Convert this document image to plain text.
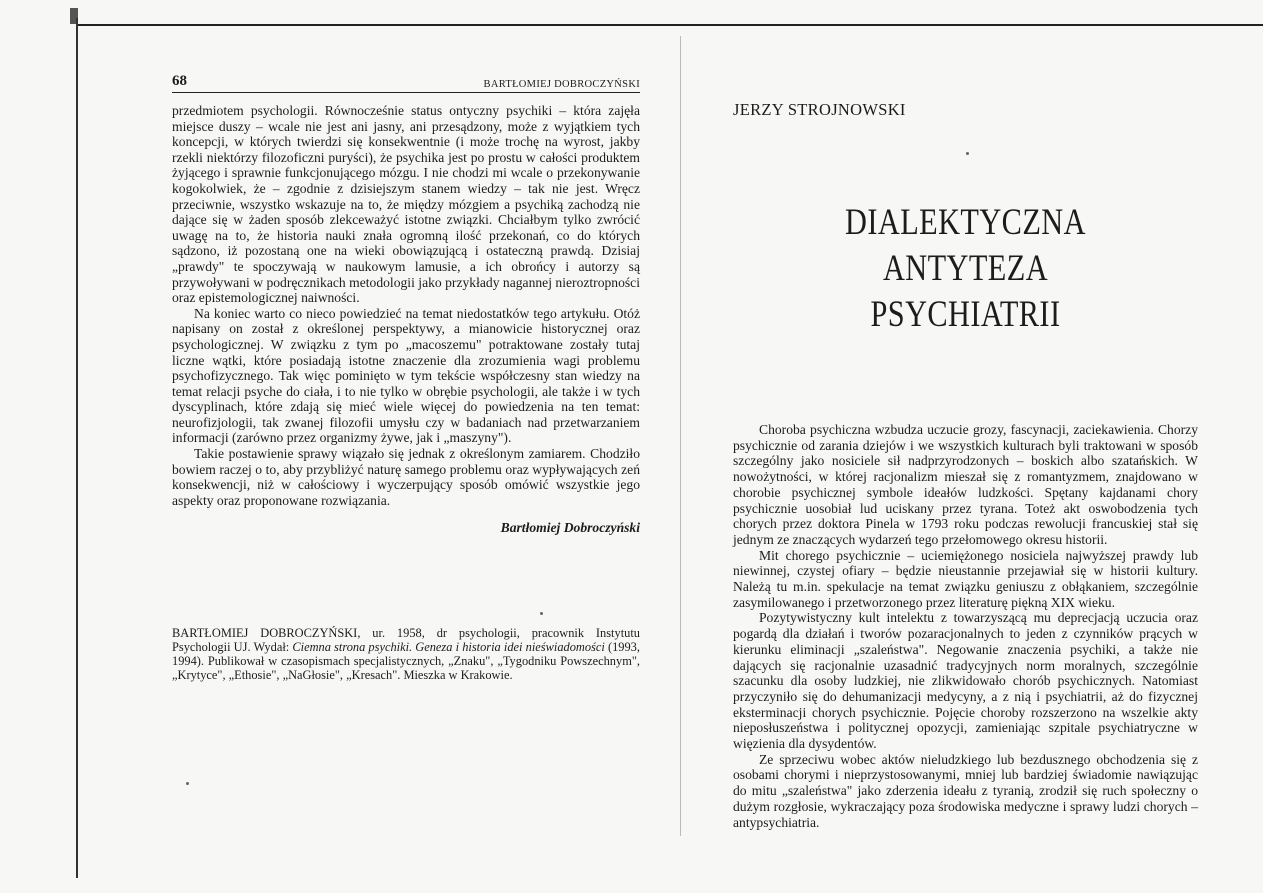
68	BARTŁOMIEJ DOBROCZYŃSKI

przedmiotem psychologii. Równocześnie status ontyczny psychiki – która zajęła miejsce duszy – wcale nie jest ani jasny, ani przesądzony, może z wyjątkiem tych koncepcji, w których twierdzi się konsekwentnie (i może trochę na wyrost, jakby rzekli niektórzy filozoficzni puryści), że psychika jest po prostu w całości produktem żyjącego i sprawnie funkcjonującego mózgu. I nie chodzi mi wcale o przekonywanie kogokolwiek, że – zgodnie z dzisiejszym stanem wiedzy – tak nie jest. Wręcz przeciwnie, wszystko wskazuje na to, że między mózgiem a psychiką zachodzą nie dające się w żaden sposób zlekceważyć istotne związki. Chciałbym tylko zwrócić uwagę na to, że historia nauki znała ogromną ilość przekonań, co do których sądzono, iż pozostaną one na wieki obowiązującą i ostateczną prawdą. Dzisiaj „prawdy" te spoczywają w naukowym lamusie, a ich obrońcy i autorzy są przywoływani w podręcznikach metodologii jako przykłady nagannej nieroztropności oraz epistemologicznej naiwności.

Na koniec warto co nieco powiedzieć na temat niedostatków tego artykułu. Otóż napisany on został z określonej perspektywy, a mianowicie historycznej oraz psychologicznej. W związku z tym po „macoszemu" potraktowane zostały tutaj liczne wątki, które posiadają istotne znaczenie dla zrozumienia wagi problemu psychofizycznego. Tak więc pominięto w tym tekście współczesny stan wiedzy na temat relacji psyche do ciała, i to nie tylko w obrębie psychologii, ale także i w tych dyscyplinach, które zdają się mieć wiele więcej do powiedzenia na ten temat: neurofizjologii, tak zwanej filozofii umysłu czy w badaniach nad przetwarzaniem informacji (zarówno przez organizmy żywe, jak i „maszyny").

Takie postawienie sprawy wiązało się jednak z określonym zamiarem. Chodziło bowiem raczej o to, aby przybliżyć naturę samego problemu oraz wypływających zeń konsekwencji, niż w całościowy i wyczerpujący sposób omówić wszystkie jego aspekty oraz proponowane rozwiązania.

Bartłomiej Dobroczyński
BARTŁOMIEJ DOBROCZYŃSKI, ur. 1958, dr psychologii, pracownik Instytutu Psychologii UJ. Wydał: Ciemna strona psychiki. Geneza i historia idei nieświadomości (1993, 1994). Publikował w czasopismach specjalistycznych, „Znaku", „Tygodniku Powszechnym", „Krytyce", „Ethosie", „NaGłosie", „Kresach". Mieszka w Krakowie.
JERZY STROJNOWSKI
DIALEKTYCZNA ANTYTEZA
PSYCHIATRII

Choroba psychiczna wzbudza uczucie grozy, fascynacji, zaciekawienia. Chorzy psychicznie od zarania dziejów i we wszystkich kulturach byli traktowani w sposób szczególny jako nosiciele sił nadprzyrodzonych – boskich albo szatańskich. W nowożytności, w której racjonalizm mieszał się z romantyzmem, znajdowano w chorobie psychicznej symbole ideałów ludzkości. Spętany kajdanami chory psychicznie uosobiał lud uciskany przez tyrana. Toteż akt oswobodzenia tych chorych przez doktora Pinela w 1793 roku podczas rewolucji francuskiej stał się jednym ze znaczących wydarzeń tego przełomowego okresu historii.

Mit chorego psychicznie – uciemiężonego nosiciela najwyższej prawdy lub niewinnej, czystej ofiary – będzie nieustannie przejawiał się w historii kultury. Należą tu m.in. spekulacje na temat związku geniuszu z obłąkaniem, szczególnie zasymilowanego i przetworzonego przez literaturę piękną XIX wieku.

Pozytywistyczny kult intelektu z towarzyszącą mu deprecjacją uczucia oraz pogardą dla działań i tworów pozaracjonalnych to jeden z czynników prących w kierunku eliminacji „szaleństwa". Negowanie znaczenia psychiki, a także nie dających się racjonalnie uzasadnić tradycyjnych norm moralnych, szczególnie szacunku dla osoby ludzkiej, nie zlikwidowało chorób psychicznych. Natomiast przyczyniło się do dehumanizacji medycyny, a z nią i psychiatrii, aż do fizycznej eksterminacji chorych psychicznie. Pojęcie choroby rozszerzono na wszelkie akty nieposłuszeństwa i politycznej opozycji, zamieniając szpitale psychiatryczne w więzienia dla dysydentów.

Ze sprzeciwu wobec aktów nieludzkiego lub bezdusznego obchodzenia się z osobami chorymi i nieprzystosowanymi, mniej lub bardziej świadomie nawiązując do mitu „szaleństwa" jako zderzenia ideału z tyranią, zrodził się ruch społeczny o dużym rozgłosie, wykraczający poza środowiska medyczne i sprawy ludzi chorych – antypsychiatria.
